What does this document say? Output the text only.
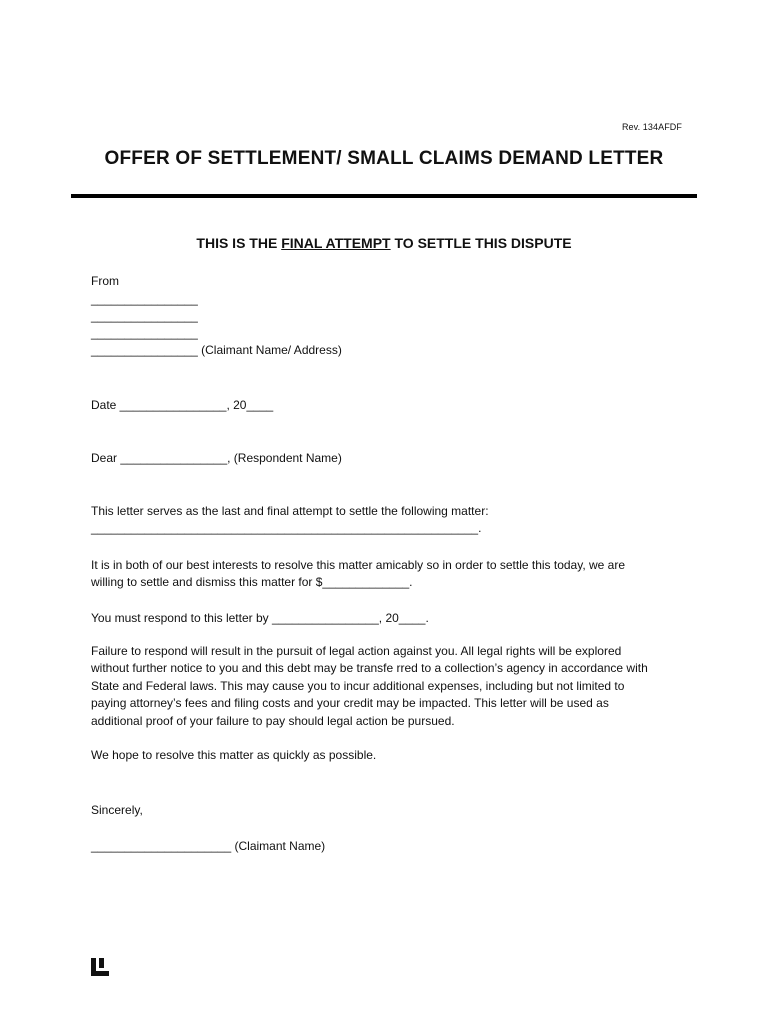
Rev. 134AFDF
OFFER OF SETTLEMENT/ SMALL CLAIMS DEMAND LETTER
THIS IS THE FINAL ATTEMPT TO SETTLE THIS DISPUTE
From
________________
________________
________________
________________ (Claimant Name/ Address)
Date ________________, 20____
Dear ________________, (Respondent Name)
This letter serves as the last and final attempt to settle the following matter:
__________________________________________________________.
It is in both of our best interests to resolve this matter amicably so in order to settle this today, we are
willing to settle and dismiss this matter for $_____________.
You must respond to this letter by ________________, 20____.
Failure to respond will result in the pursuit of legal action against you. All legal rights will be explored
without further notice to you and this debt may be transfe rred to a collection’s agency in accordance with
State and Federal laws. This may cause you to incur additional expenses, including but not limited to
paying attorney’s fees and filing costs and your credit may be impacted. This letter will be used as
additional proof of your failure to pay should legal action be pursued.
We hope to resolve this matter as quickly as possible.
Sincerely,
_____________________ (Claimant Name)
